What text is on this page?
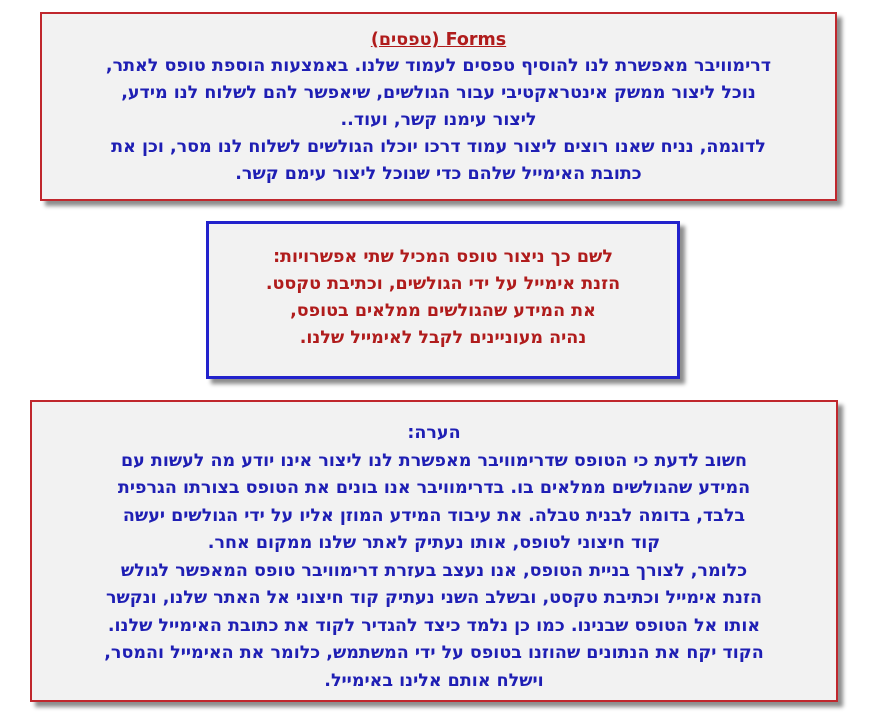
Forms (טפסים)

דרימוויבר מאפשרת לנו להוסיף טפסים לעמוד שלנו. באמצעות הוספת טופס לאתר,

נוכל ליצור ממשק אינטראקטיבי עבור הגולשים, שיאפשר להם לשלוח לנו מידע,

ליצור עימנו קשר, ועוד..

לדוגמה, נניח שאנו רוצים ליצור עמוד דרכו יוכלו הגולשים לשלוח לנו מסר, וכן את

כתובת האימייל שלהם כדי שנוכל ליצור עימם קשר.

לשם כך ניצור טופס המכיל שתי אפשרויות:

הזנת אימייל על ידי הגולשים, וכתיבת טקסט.

את המידע שהגולשים ממלאים בטופס,

נהיה מעוניינים לקבל לאימייל שלנו.

הערה:

חשוב לדעת כי הטופס שדרימוויבר מאפשרת לנו ליצור אינו יודע מה לעשות עם

המידע שהגולשים ממלאים בו. בדרימוויבר אנו בונים את הטופס בצורתו הגרפית

בלבד, בדומה לבנית טבלה. את עיבוד המידע המוזן אליו על ידי הגולשים יעשה

קוד חיצוני לטופס, אותו נעתיק לאתר שלנו ממקום אחר.

כלומר, לצורך בניית הטופס, אנו נעצב בעזרת דרימוויבר טופס המאפשר לגולש

הזנת אימייל וכתיבת טקסט, ובשלב השני נעתיק קוד חיצוני אל האתר שלנו, ונקשר

אותו אל הטופס שבנינו. כמו כן נלמד כיצד להגדיר לקוד את כתובת האימייל שלנו.

הקוד יקח את הנתונים שהוזנו בטופס על ידי המשתמש, כלומר את האימייל והמסר,

וישלח אותם אלינו באימייל.
